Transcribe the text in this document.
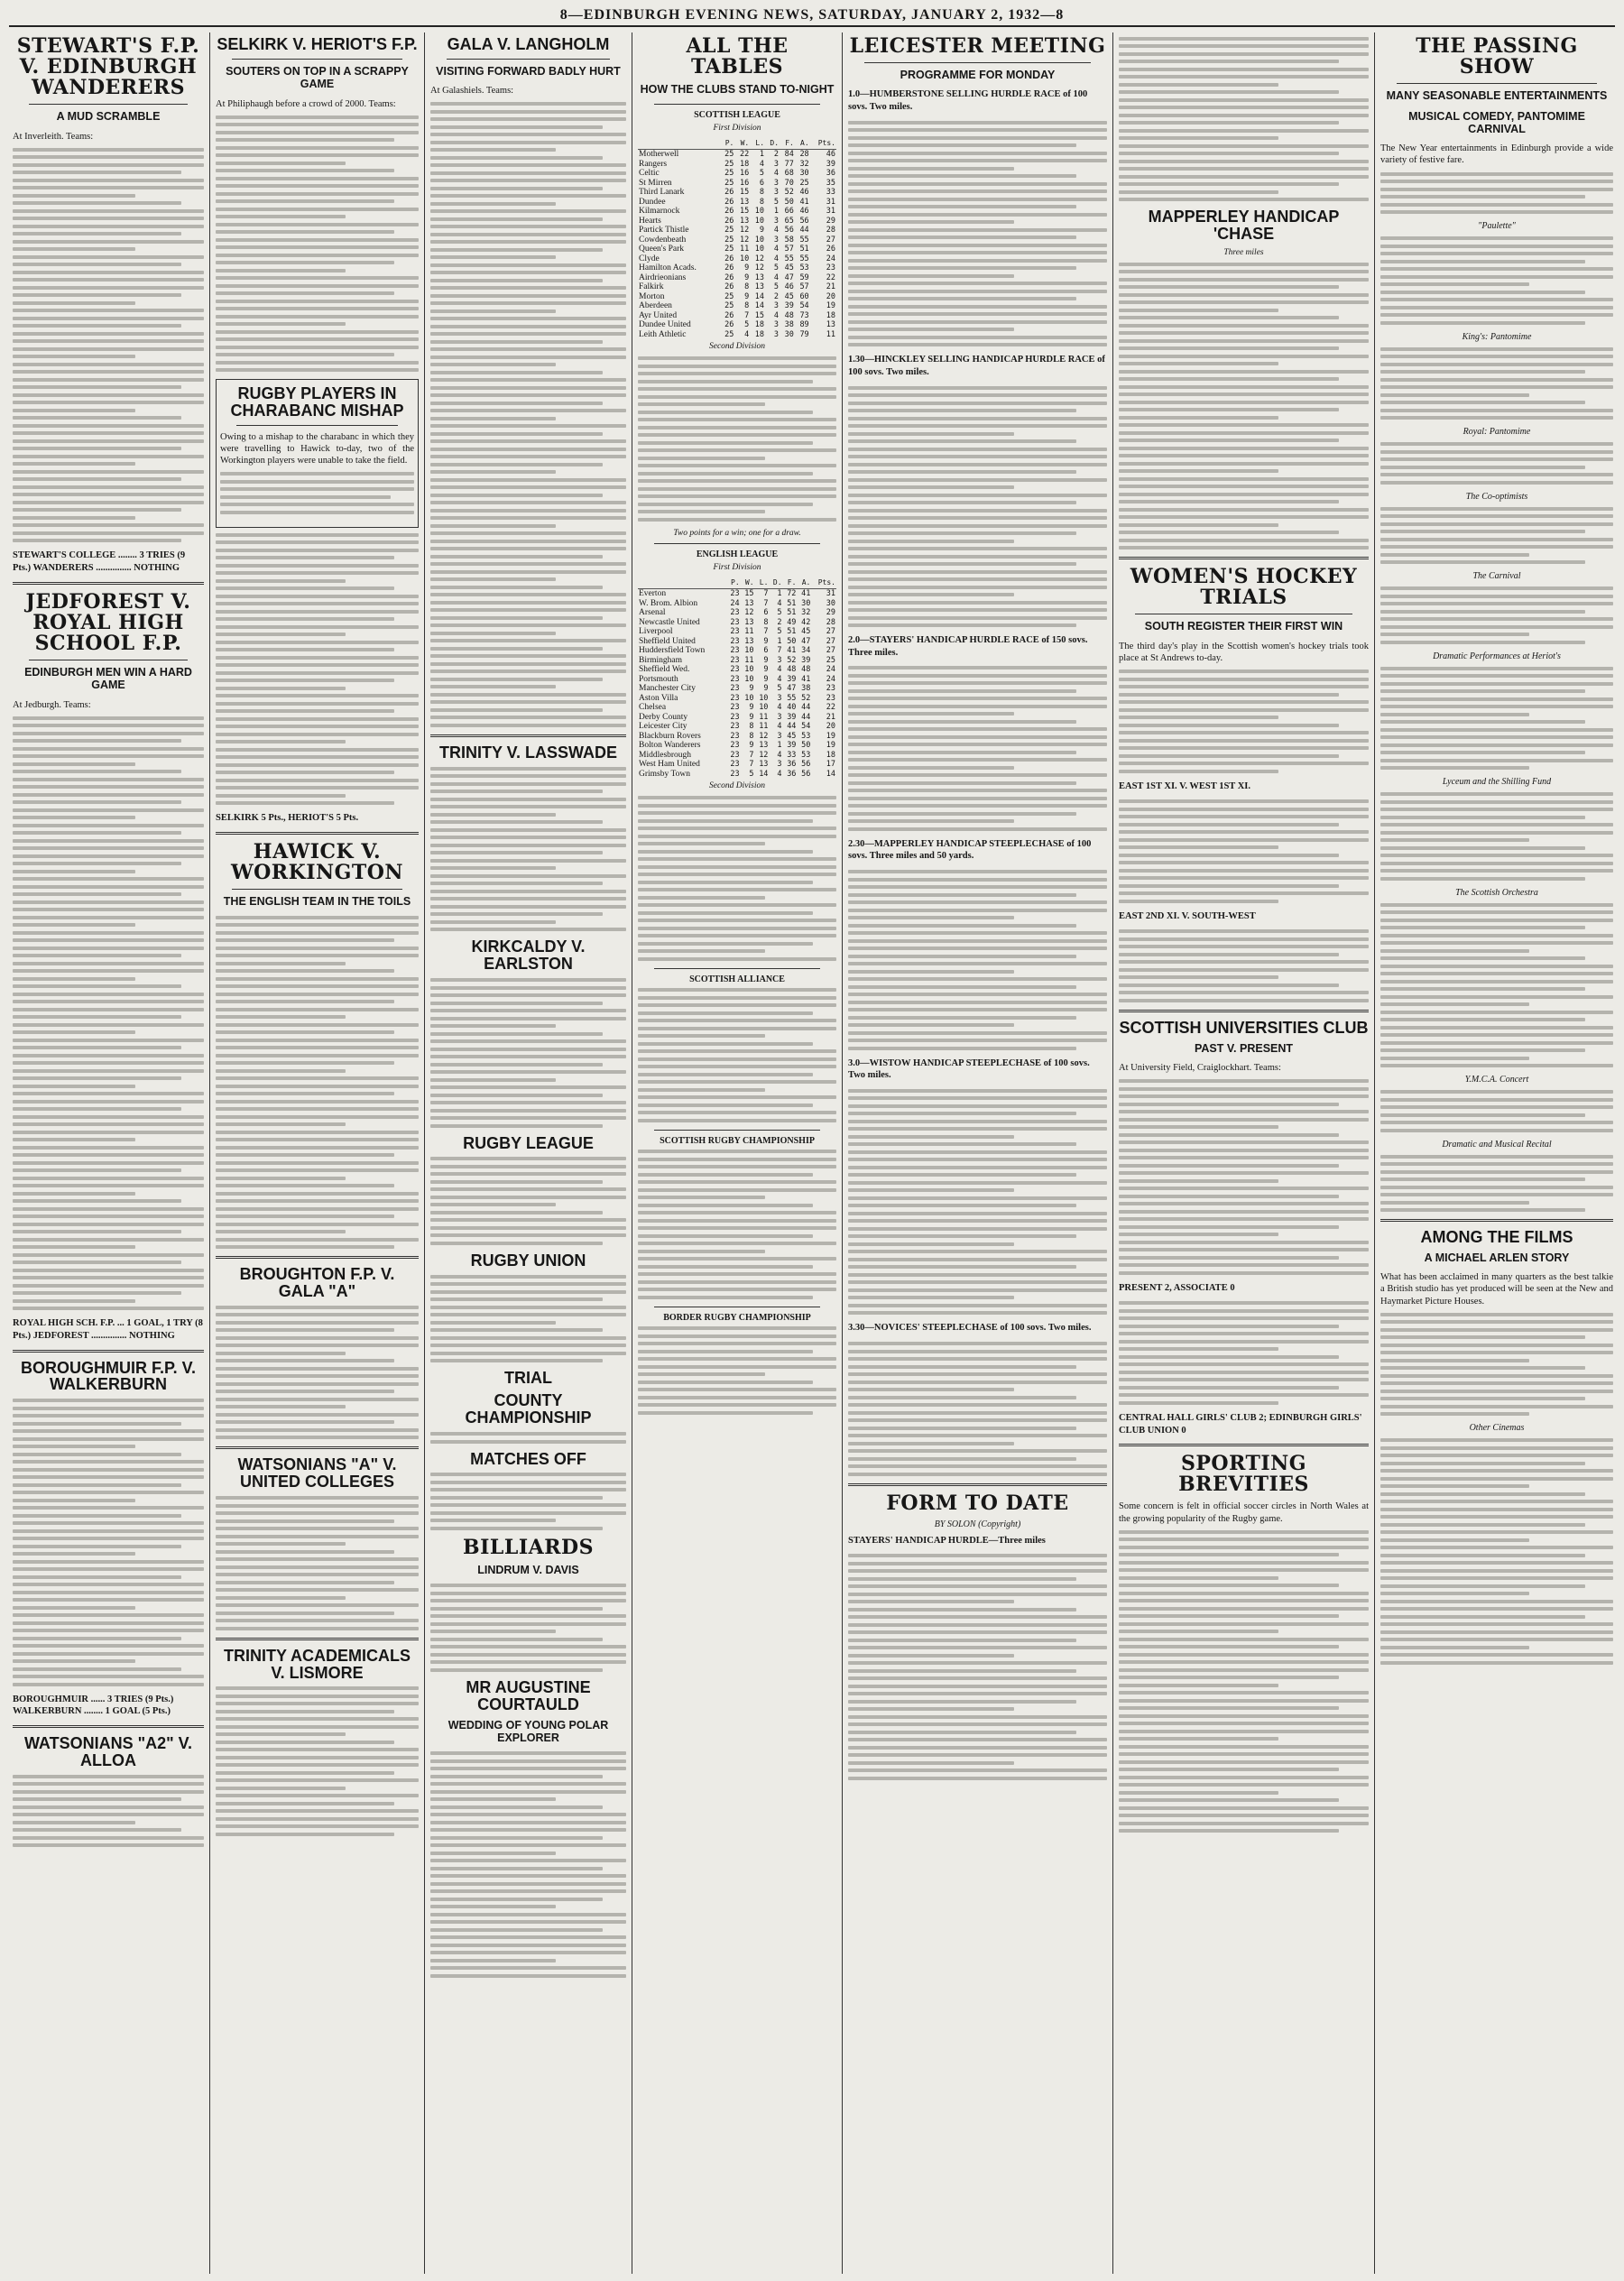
8—EDINBURGH EVENING NEWS, SATURDAY, JANUARY 2, 1932—8
STEWART'S F.P. V. EDINBURGH WANDERERS
A MUD SCRAMBLE

At Inverleith. Teams:

STEWART'S COLLEGE ........ 3 TRIES (9 Pts.) WANDERERS ............... NOTHING

JEDFOREST V. ROYAL HIGH SCHOOL F.P.
EDINBURGH MEN WIN A HARD GAME

At Jedburgh. Teams:

ROYAL HIGH SCH. F.P. ... 1 GOAL, 1 TRY (8 Pts.) JEDFOREST ............... NOTHING

BOROUGHMUIR F.P. V. WALKERBURN

BOROUGHMUIR ...... 3 TRIES (9 Pts.) WALKERBURN ........ 1 GOAL (5 Pts.)

WATSONIANS "A2" V. ALLOA
SELKIRK V. HERIOT'S F.P.
SOUTERS ON TOP IN A SCRAPPY GAME

At Philiphaugh before a crowd of 2000. Teams:

RUGBY PLAYERS IN CHARABANC MISHAP

Owing to a mishap to the charabanc in which they were travelling to Hawick to-day, two of the Workington players were unable to take the field.

SELKIRK 5 Pts., HERIOT'S 5 Pts.

HAWICK V. WORKINGTON
THE ENGLISH TEAM IN THE TOILS
BROUGHTON F.P. V. GALA "A"
WATSONIANS "A" V. UNITED COLLEGES
TRINITY ACADEMICALS V. LISMORE
GALA V. LANGHOLM
VISITING FORWARD BADLY HURT

At Galashiels. Teams:

TRINITY V. LASSWADE
KIRKCALDY V. EARLSTON
RUGBY LEAGUE
RUGBY UNION
TRIAL
COUNTY CHAMPIONSHIP
MATCHES OFF
BILLIARDS
LINDRUM V. DAVIS
MR AUGUSTINE COURTAULD
WEDDING OF YOUNG POLAR EXPLORER
ALL THE TABLES
HOW THE CLUBS STAND TO-NIGHT

SCOTTISH LEAGUE

First Division

	P.	W.	L.	D.	F.	A.	Pts.
Motherwell	25	22	1	2	84	28	46
Rangers	25	18	4	3	77	32	39
Celtic	25	16	5	4	68	30	36
St Mirren	25	16	6	3	70	25	35
Third Lanark	26	15	8	3	52	46	33
Dundee	26	13	8	5	50	41	31
Kilmarnock	26	15	10	1	66	46	31
Hearts	26	13	10	3	65	56	29
Partick Thistle	25	12	9	4	56	44	28
Cowdenbeath	25	12	10	3	58	55	27
Queen's Park	25	11	10	4	57	51	26
Clyde	26	10	12	4	55	55	24
Hamilton Acads.	26	9	12	5	45	53	23
Airdrieonians	26	9	13	4	47	59	22
Falkirk	26	8	13	5	46	57	21
Morton	25	9	14	2	45	60	20
Aberdeen	25	8	14	3	39	54	19
Ayr United	26	7	15	4	48	73	18
Dundee United	26	5	18	3	38	89	13
Leith Athletic	25	4	18	3	30	79	11

Second Division

Two points for a win; one for a draw.

ENGLISH LEAGUE

First Division

	P.	W.	L.	D.	F.	A.	Pts.
Everton	23	15	7	1	72	41	31
W. Brom. Albion	24	13	7	4	51	30	30
Arsenal	23	12	6	5	51	32	29
Newcastle United	23	13	8	2	49	42	28
Liverpool	23	11	7	5	51	45	27
Sheffield United	23	13	9	1	50	47	27
Huddersfield Town	23	10	6	7	41	34	27
Birmingham	23	11	9	3	52	39	25
Sheffield Wed.	23	10	9	4	48	48	24
Portsmouth	23	10	9	4	39	41	24
Manchester City	23	9	9	5	47	38	23
Aston Villa	23	10	10	3	55	52	23
Chelsea	23	9	10	4	40	44	22
Derby County	23	9	11	3	39	44	21
Leicester City	23	8	11	4	44	54	20
Blackburn Rovers	23	8	12	3	45	53	19
Bolton Wanderers	23	9	13	1	39	50	19
Middlesbrough	23	7	12	4	33	53	18
West Ham United	23	7	13	3	36	56	17
Grimsby Town	23	5	14	4	36	56	14

Second Division

SCOTTISH ALLIANCE

SCOTTISH RUGBY CHAMPIONSHIP

BORDER RUGBY CHAMPIONSHIP

LEICESTER MEETING
PROGRAMME FOR MONDAY

1.0—HUMBERSTONE SELLING HURDLE RACE of 100 sovs. Two miles.

1.30—HINCKLEY SELLING HANDICAP HURDLE RACE of 100 sovs. Two miles.

2.0—STAYERS' HANDICAP HURDLE RACE of 150 sovs. Three miles.

2.30—MAPPERLEY HANDICAP STEEPLECHASE of 100 sovs. Three miles and 50 yards.

3.0—WISTOW HANDICAP STEEPLECHASE of 100 sovs. Two miles.

3.30—NOVICES' STEEPLECHASE of 100 sovs. Two miles.

FORM TO DATE

BY SOLON (Copyright)

STAYERS' HANDICAP HURDLE—Three miles

MAPPERLEY HANDICAP 'CHASE

Three miles

WOMEN'S HOCKEY TRIALS
SOUTH REGISTER THEIR FIRST WIN

The third day's play in the Scottish women's hockey trials took place at St Andrews to-day.

EAST 1ST XI. V. WEST 1ST XI.

EAST 2ND XI. V. SOUTH-WEST

SCOTTISH UNIVERSITIES CLUB
PAST V. PRESENT

At University Field, Craiglockhart. Teams:

PRESENT 2, ASSOCIATE 0

CENTRAL HALL GIRLS' CLUB 2; EDINBURGH GIRLS' CLUB UNION 0

SPORTING BREVITIES

Some concern is felt in official soccer circles in North Wales at the growing popularity of the Rugby game.

THE PASSING SHOW
MANY SEASONABLE ENTERTAINMENTS
MUSICAL COMEDY, PANTOMIME CARNIVAL

The New Year entertainments in Edinburgh provide a wide variety of festive fare.

"Paulette"

King's: Pantomime

Royal: Pantomime

The Co-optimists

The Carnival

Dramatic Performances at Heriot's

Lyceum and the Shilling Fund

The Scottish Orchestra

Y.M.C.A. Concert

Dramatic and Musical Recital

AMONG THE FILMS
A MICHAEL ARLEN STORY

What has been acclaimed in many quarters as the best talkie a British studio has yet produced will be seen at the New and Haymarket Picture Houses.

Other Cinemas
